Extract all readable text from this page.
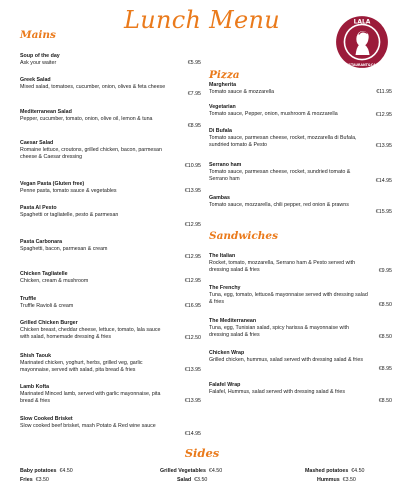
Lunch Menu	LALA
RESTAURANT&CAFE
Mains
Soup of the day
Ask your waiter	€5.95
Greek Salad
Mixed salad, tomatoes, cucumber, onion, olives & feta cheese
€7.95
Mediterranean Salad
Pepper, cucumber, tomato, onion, olive oil, lemon & tuna
€8.95
Caesar Salad
Romaine lettuce, croutons, grilled chicken, bacon, parmesan cheese & Caesar dressing
€10.95
Vegan Pasta (Gluten free)
Penne pasta, tomato sauce & vegetables	€13.95
Pasta Al Pesto
Spaghetti or tagliatelle, pesto & parmesan
€12.95
Pasta Carbonara
Spaghetti, bacon, parmesan & cream
€12.95
Chicken Tagliatelle
Chicken, cream & mushroom	€12.95
Truffle
Truffle Ravioli & cream	€16.95
Grilled Chicken Burger
Chicken breast, cheddar cheese, lettuce, tomato, lala sauce with salad, homemade dressing & fries	€12.50
Shish Taouk
Marinated chicken, yoghurt, herbs, grilled veg, garlic mayonnaise, served with salad, pita bread & fries	€13.95
Lamb Kofta
Marinated Minced lamb, served with garlic mayonnaise, pita bread & fries	€13.95
Slow Cooked Brisket
Slow cooked beef brisket, mash Potato & Red wine sauce
€14.95
Pizza
Margherita
Tomato sauce & mozzarella	€11.95
Vegetarian
Tomato sauce, Pepper, onion, mushroom & mozzarella	€12.95
Di Bufala
Tomato sauce, parmesan cheese, rocket, mozzarella di Bufala, sundried tomato & Pesto	€13.95
Serrano ham
Tomato sauce, parmesan cheese, rocket, sundried tomato & Serrano ham	€14.95
Gambas
Tomato sauce, mozzarella, chili pepper, red onion & prawns
€15.95
Sandwiches
The Italian
Rocket, tomato, mozzarella, Serrano ham & Pesto served with dressing salad & fries	€9.95
The Frenchy
Tuna, egg, tomato, lettuce& mayonnaise served with dressing salad & fries	€8.50
The Mediterranean
Tuna, egg, Tunisian salad, spicy harissa & mayonnaise with dressing salad & fries	€8.50
Chicken Wrap
Grilled chicken, hummus, salad served with dressing salad & fries
€8.95
Falafel Wrap
Falafel, Hummus, salad served with dressing salad & fries
€8.50
Sides
Baby potatoes €4.50
Fries €3.50
Grilled Vegetables €4.50
Salad €3.50
Mashed potatoes €4.50
Hummus €3.50
